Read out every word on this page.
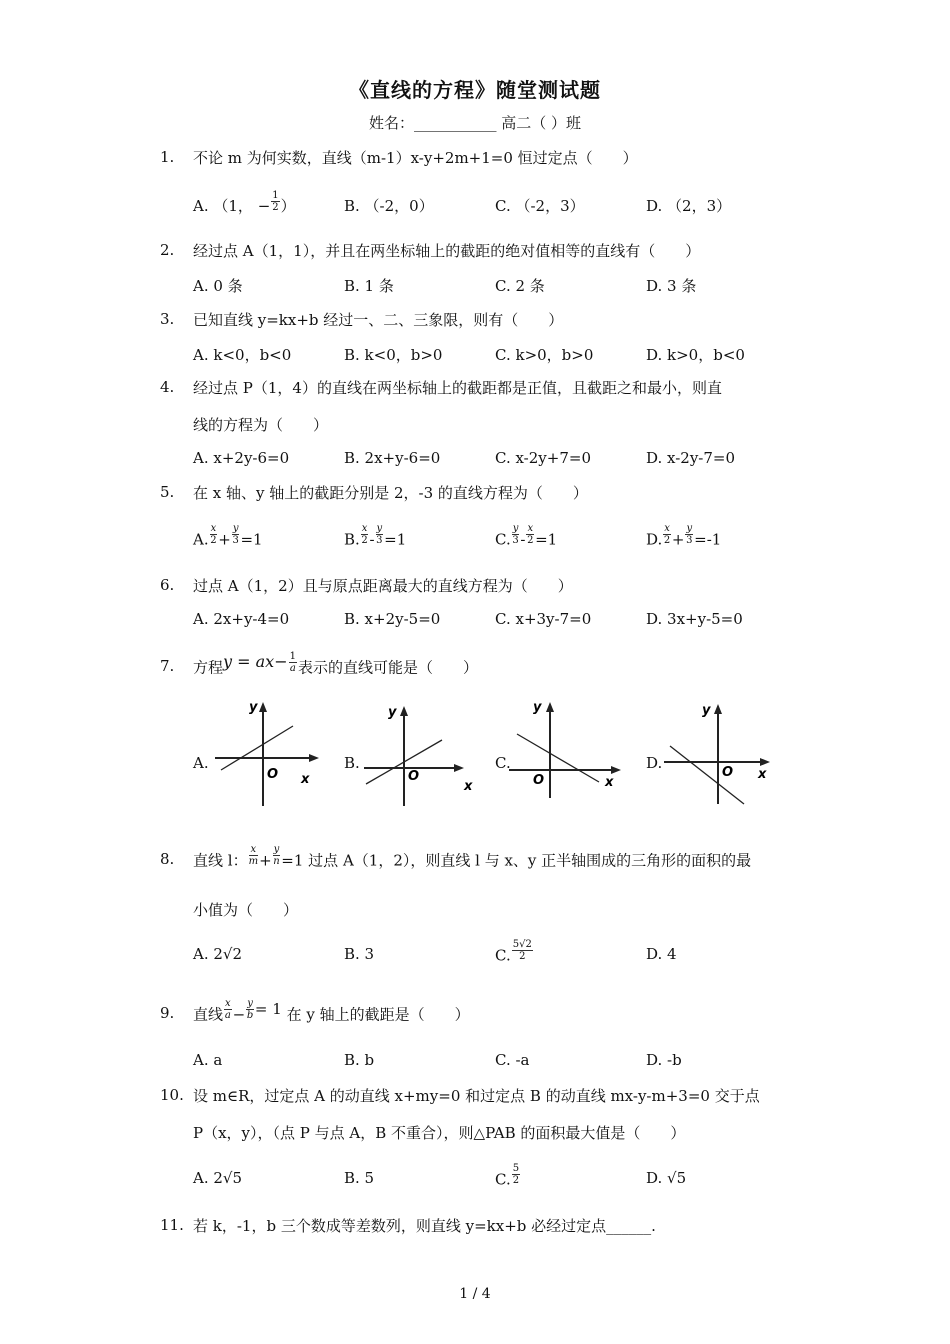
《直线的方程》随堂测试题
姓名：___________ 高二（ ）班
1. 不论 m 为何实数，直线（m-1）x-y+2m+1=0 恒过定点（　　）
A. （1， − $\frac{1}{2}$ ）	B. （-2，0）	C. （-2，3）	D. （2，3）
2. 经过点 A（1，1），并且在两坐标轴上的截距的绝对值相等的直线有（　　）
A. 0 条	B. 1 条	C. 2 条	D. 3 条
3. 已知直线 y=kx+b 经过一、二、三象限，则有（　　）
A. k<0，b<0	B. k<0，b>0	C. k>0，b>0	D. k>0，b<0
4. 经过点 P（1，4）的直线在两坐标轴上的截距都是正值，且截距之和最小，则直
线的方程为（　　）
A. x+2y-6=0	B. 2x+y-6=0	C. x-2y+7=0	D. x-2y-7=0
5. 在 x 轴、y 轴上的截距分别是 2，-3 的直线方程为（　　）
A. $\frac{x}{2} + \frac{y}{3} =1$	B. $\frac{x}{2} - \frac{y}{3} =1$	C. $\frac{y}{3} - \frac{x}{2} =1$	D. $\frac{x}{2} + \frac{y}{3} =-1$
6. 过点 A（1，2）且与原点距离最大的直线方程为（　　）
A. 2x+y-4=0	B. x+2y-5=0	C. x+3y-7=0	D. 3x+y-5=0
7. 方程$y = ax- \frac{1}{a}$ 表示的直线可能是（　　）
A.
y
x
O
B.
y
x
O
C.
y
x
O
D.
y
x
O
8. 直线 l： $\frac{x}{m} + \frac{y}{n} =1$ 过点 A（1，2），则直线 l 与 x、y 正半轴围成的三角形的面积的最
小值为（　　）
A. 2√2	B. 3	C. $\frac{5√2}{2}$	D. 4
9. 直线 $\frac{x}{a} - \frac{y}{b} = 1$ 在 y 轴上的截距是（　　）
A. a	B. b	C. -a	D. -b
10. 设 m∈R，过定点 A 的动直线 x+my=0 和过定点 B 的动直线 mx-y-m+3=0 交于点
P（x，y），（点 P 与点 A，B 不重合），则△PAB 的面积最大值是（　　）
A. 2√5	B. 5	C. $\frac{5}{2}$	D. √5
11. 若 k，-1，b 三个数成等差数列，则直线 y=kx+b 必经过定点______.
1 / 4
